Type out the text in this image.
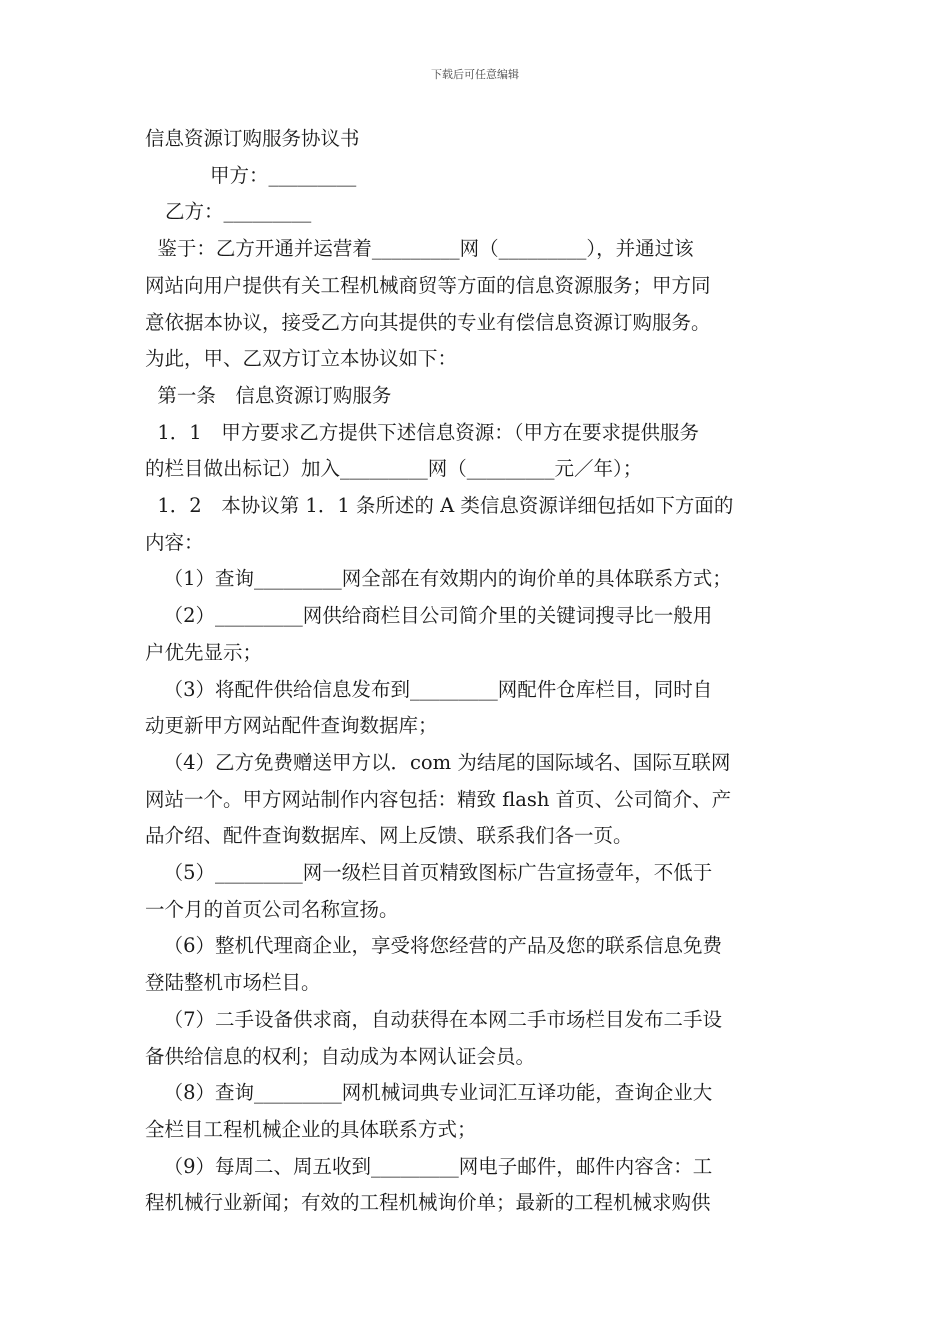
下载后可任意编辑
信息资源订购服务协议书
甲方：_________
乙方：_________
鉴于：乙方开通并运营着_________网（_________），并通过该
网站向用户提供有关工程机械商贸等方面的信息资源服务；甲方同
意依据本协议，接受乙方向其提供的专业有偿信息资源订购服务。
为此，甲、乙双方订立本协议如下：
第一条　信息资源订购服务
1．1　甲方要求乙方提供下述信息资源：（甲方在要求提供服务
的栏目做出标记）加入_________网（_________元／年）；
1．2　本协议第 1．1 条所述的 A 类信息资源详细包括如下方面的
内容：
（1）查询_________网全部在有效期内的询价单的具体联系方式；
（2）_________网供给商栏目公司简介里的关键词搜寻比一般用
户优先显示；
（3）将配件供给信息发布到_________网配件仓库栏目，同时自
动更新甲方网站配件查询数据库；
（4）乙方免费赠送甲方以．com 为结尾的国际域名、国际互联网
网站一个。甲方网站制作内容包括：精致 flash 首页、公司简介、产
品介绍、配件查询数据库、网上反馈、联系我们各一页。
（5）_________网一级栏目首页精致图标广告宣扬壹年，不低于
一个月的首页公司名称宣扬。
（6）整机代理商企业，享受将您经营的产品及您的联系信息免费
登陆整机市场栏目。
（7）二手设备供求商，自动获得在本网二手市场栏目发布二手设
备供给信息的权利；自动成为本网认证会员。
（8）查询_________网机械词典专业词汇互译功能，查询企业大
全栏目工程机械企业的具体联系方式；
（9）每周二、周五收到_________网电子邮件，邮件内容含：工
程机械行业新闻；有效的工程机械询价单；最新的工程机械求购供
